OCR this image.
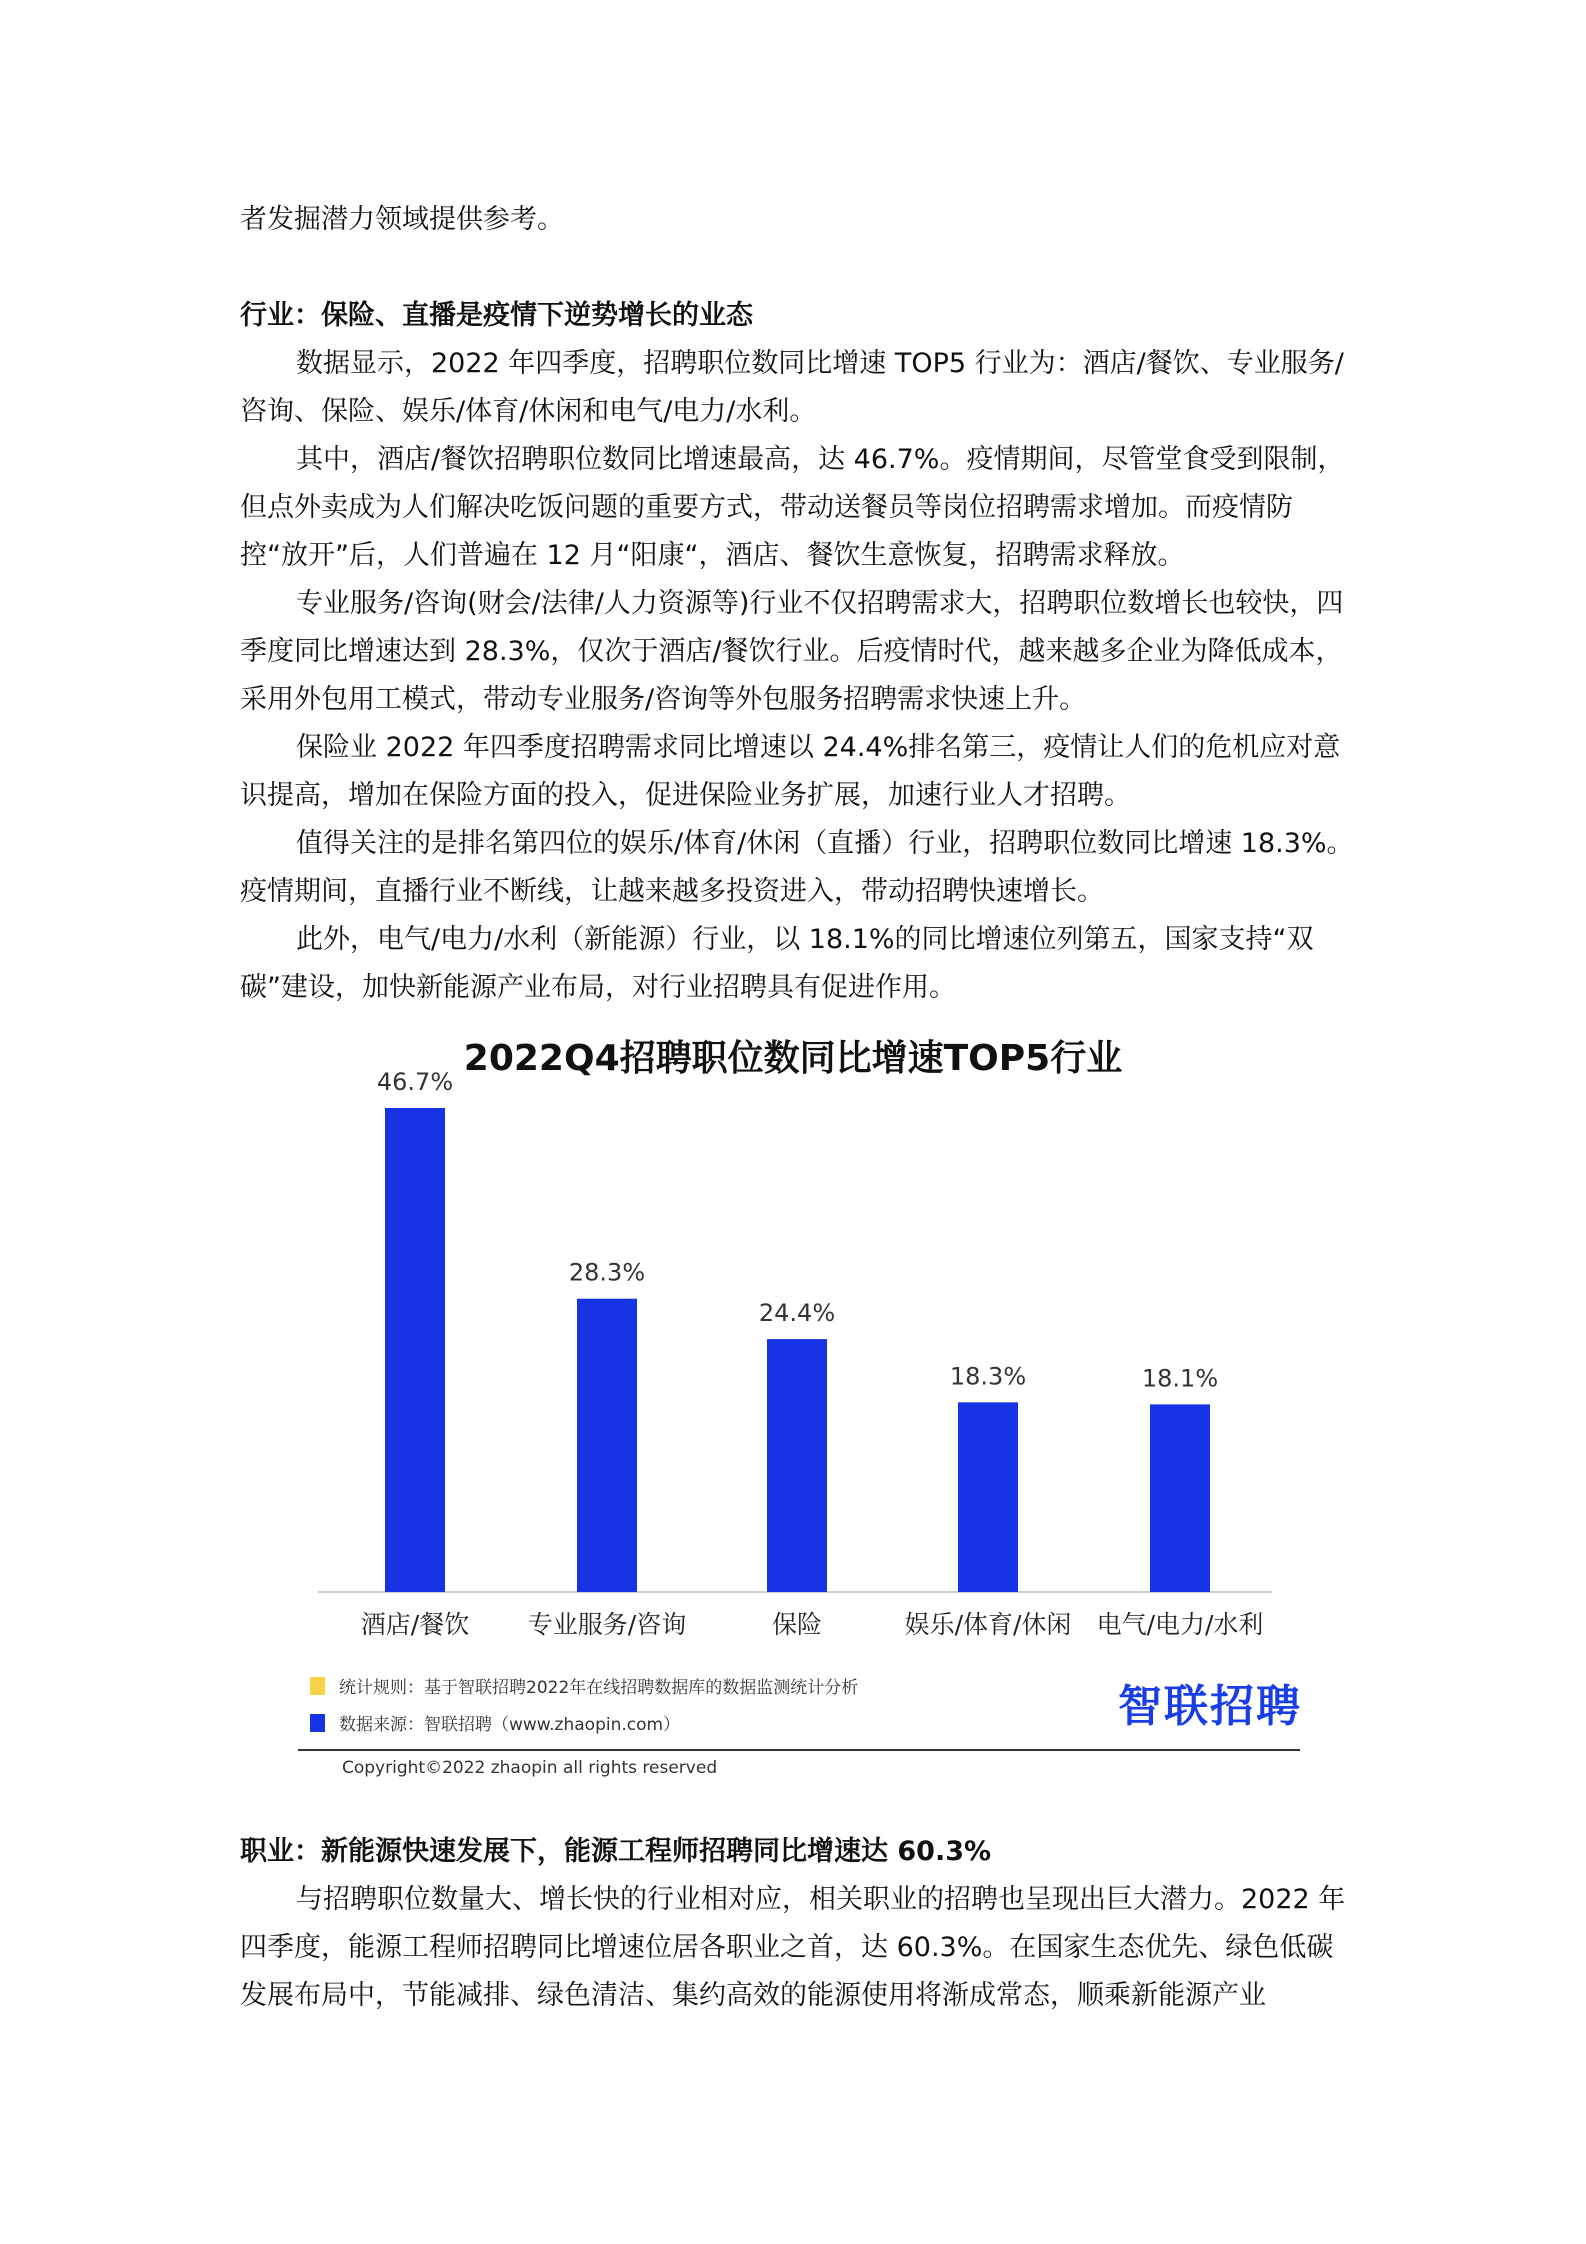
者发掘潜力领域提供参考。

行业：保险、直播是疫情下逆势增长的业态

数据显示，2022 年四季度，招聘职位数同比增速 TOP5 行业为：酒店/餐饮、专业服务/咨询、保险、娱乐/体育/休闲和电气/电力/水利。

其中，酒店/餐饮招聘职位数同比增速最高，达 46.7%。疫情期间，尽管堂食受到限制，但点外卖成为人们解决吃饭问题的重要方式，带动送餐员等岗位招聘需求增加。而疫情防控“放开”后，人们普遍在 12 月“阳康“，酒店、餐饮生意恢复，招聘需求释放。

专业服务/咨询(财会/法律/人力资源等)行业不仅招聘需求大，招聘职位数增长也较快，四季度同比增速达到 28.3%，仅次于酒店/餐饮行业。后疫情时代，越来越多企业为降低成本，采用外包用工模式，带动专业服务/咨询等外包服务招聘需求快速上升。

保险业 2022 年四季度招聘需求同比增速以 24.4%排名第三，疫情让人们的危机应对意识提高，增加在保险方面的投入，促进保险业务扩展，加速行业人才招聘。

值得关注的是排名第四位的娱乐/体育/休闲（直播）行业，招聘职位数同比增速 18.3%。疫情期间，直播行业不断线，让越来越多投资进入，带动招聘快速增长。

此外，电气/电力/水利（新能源）行业，以 18.1%的同比增速位列第五，国家支持“双碳”建设，加快新能源产业布局，对行业招聘具有促进作用。

2022Q4招聘职位数同比增速TOP5行业
46.7%
酒店/餐饮
28.3%
专业服务/咨询
24.4%
保险
18.3%
娱乐/体育/休闲
18.1%
电气/电力/水利
统计规则：基于智联招聘2022年在线招聘数据库的数据监测统计分析
数据来源：智联招聘（www.zhaopin.com）	智联招聘
Copyright©2022 zhaopin all rights reserved

职业：新能源快速发展下，能源工程师招聘同比增速达 60.3%

与招聘职位数量大、增长快的行业相对应，相关职业的招聘也呈现出巨大潜力。2022 年四季度，能源工程师招聘同比增速位居各职业之首，达 60.3%。在国家生态优先、绿色低碳发展布局中，节能减排、绿色清洁、集约高效的能源使用将渐成常态，顺乘新能源产业
